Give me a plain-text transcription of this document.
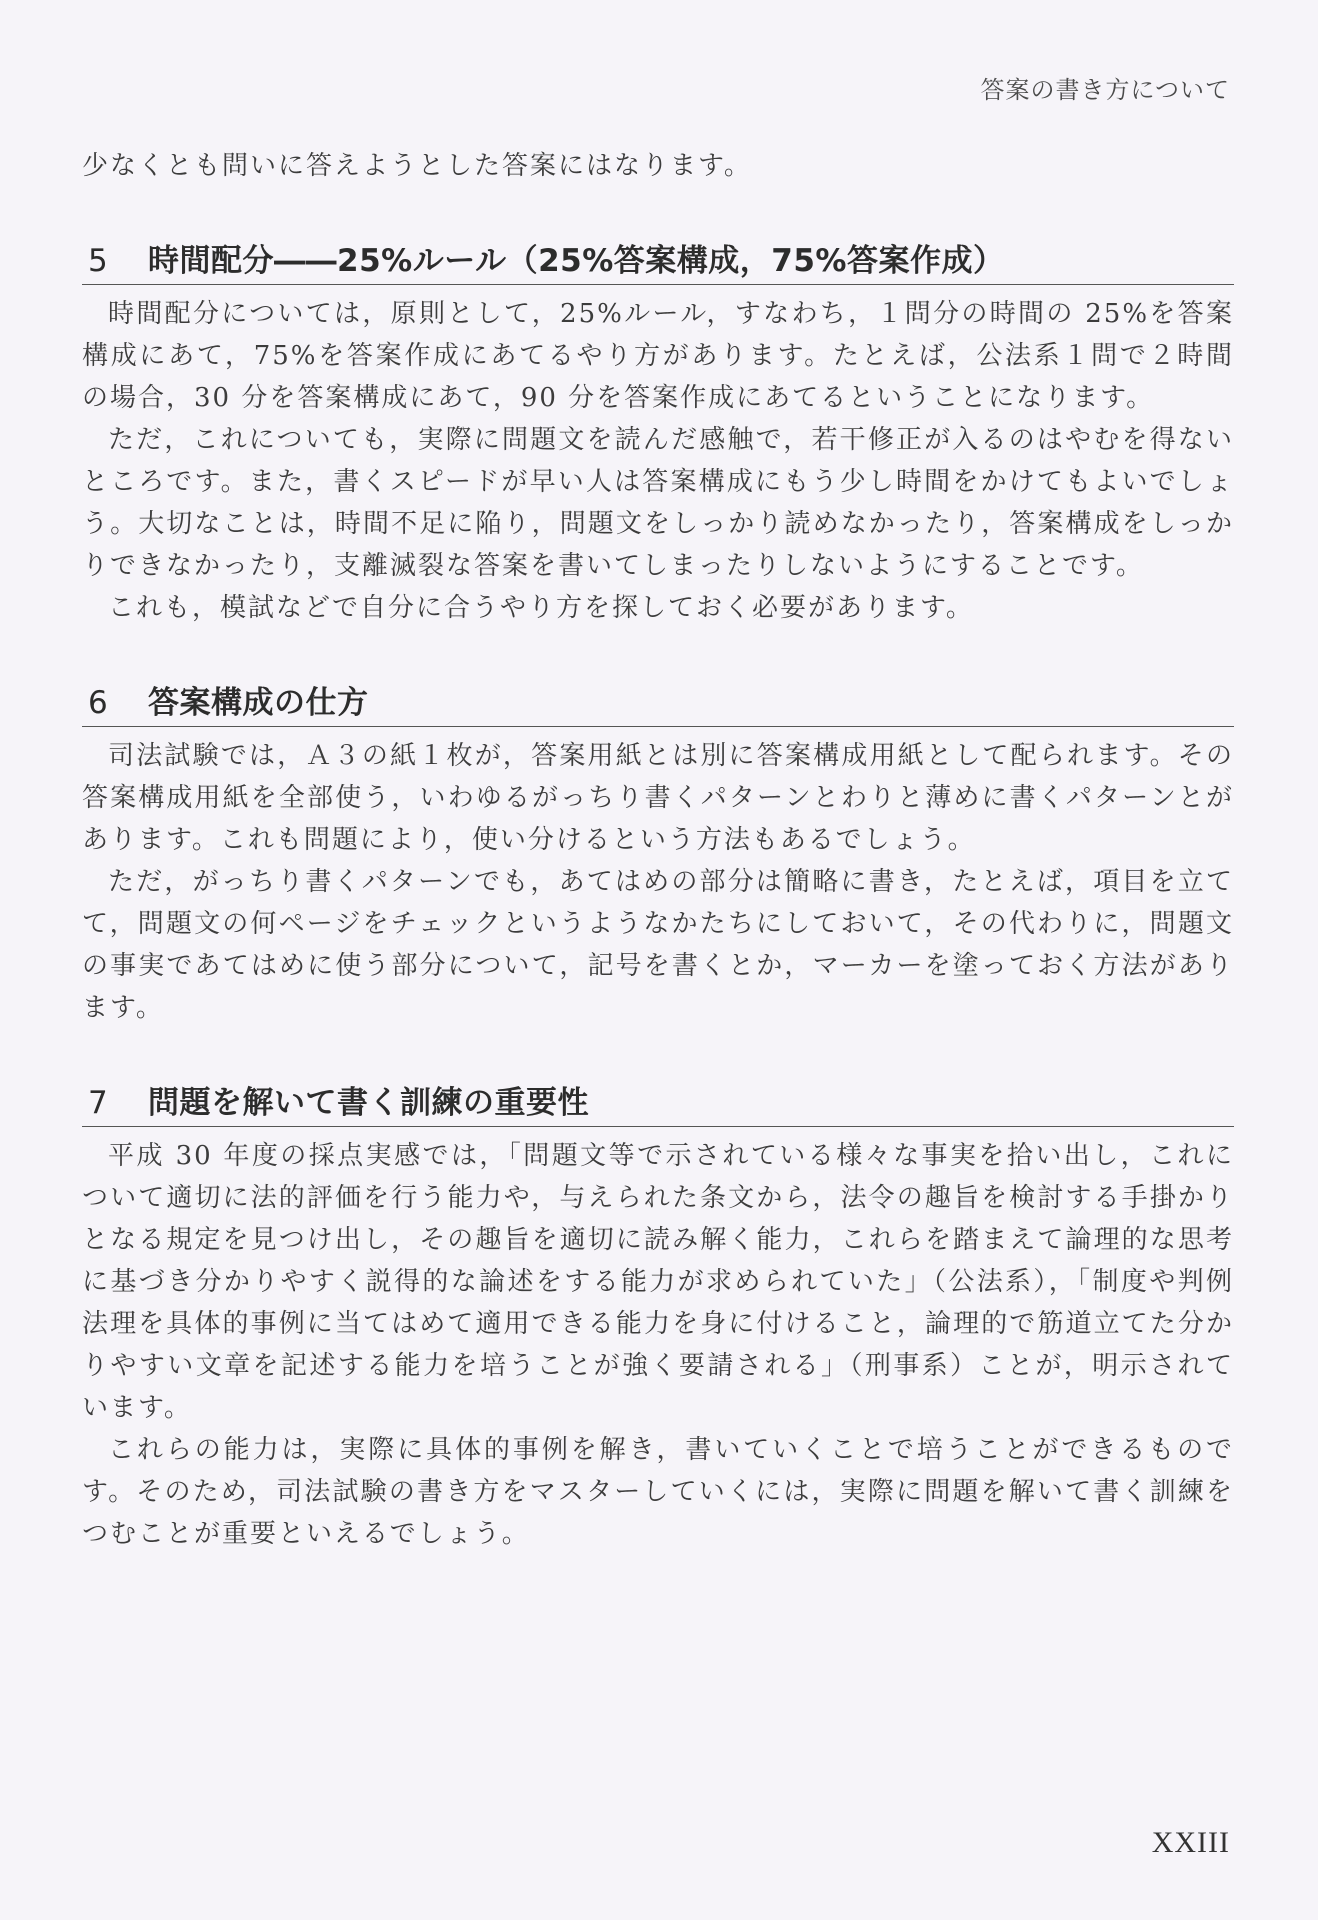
答案の書き方について

少なくとも問いに答えようとした答案にはなります。

5	時間配分――25%ルール（25%答案構成，75%答案作成）

時間配分については，原則として，25%ルール，すなわち，１問分の時間の 25%を答案構成にあて，75%を答案作成にあてるやり方があります。たとえば，公法系１問で２時間の場合，30 分を答案構成にあて，90 分を答案作成にあてるということになります。

ただ，これについても，実際に問題文を読んだ感触で，若干修正が入るのはやむを得ないところです。また，書くスピードが早い人は答案構成にもう少し時間をかけてもよいでしょう。大切なことは，時間不足に陥り，問題文をしっかり読めなかったり，答案構成をしっかりできなかったり，支離滅裂な答案を書いてしまったりしないようにすることです。

これも，模試などで自分に合うやり方を探しておく必要があります。

6	答案構成の仕方

司法試験では，Ａ３の紙１枚が，答案用紙とは別に答案構成用紙として配られます。その答案構成用紙を全部使う，いわゆるがっちり書くパターンとわりと薄めに書くパターンとがあります。これも問題により，使い分けるという方法もあるでしょう。

ただ，がっちり書くパターンでも，あてはめの部分は簡略に書き，たとえば，項目を立てて，問題文の何ページをチェックというようなかたちにしておいて，その代わりに，問題文の事実であてはめに使う部分について，記号を書くとか，マーカーを塗っておく方法があります。

7	問題を解いて書く訓練の重要性

平成 30 年度の採点実感では，「問題文等で示されている様々な事実を拾い出し，これについて適切に法的評価を行う能力や，与えられた条文から，法令の趣旨を検討する手掛かりとなる規定を見つけ出し，その趣旨を適切に読み解く能力，これらを踏まえて論理的な思考に基づき分かりやすく説得的な論述をする能力が求められていた」（公法系），「制度や判例法理を具体的事例に当てはめて適用できる能力を身に付けること，論理的で筋道立てた分かりやすい文章を記述する能力を培うことが強く要請される」（刑事系）ことが，明示されています。

これらの能力は，実際に具体的事例を解き，書いていくことで培うことができるものです。そのため，司法試験の書き方をマスターしていくには，実際に問題を解いて書く訓練をつむことが重要といえるでしょう。

XXIII
